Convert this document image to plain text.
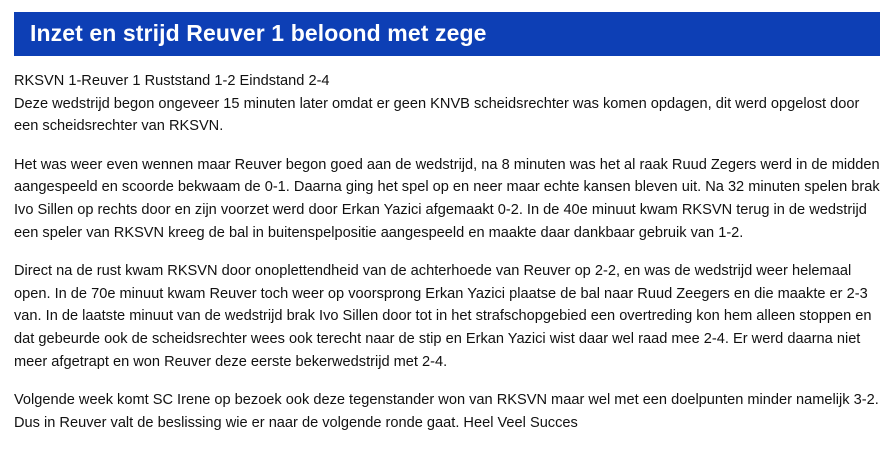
Inzet en strijd Reuver 1 beloond met zege

RKSVN 1-Reuver 1 Ruststand 1-2 Eindstand 2-4
Deze wedstrijd begon ongeveer 15 minuten later omdat er geen KNVB scheidsrechter was komen opdagen, dit werd opgelost door een scheidsrechter van RKSVN.

Het was weer even wennen maar Reuver begon goed aan de wedstrijd, na 8 minuten was het al raak Ruud Zegers werd in de midden aangespeeld en scoorde bekwaam de 0-1. Daarna ging het spel op en neer maar echte kansen bleven uit. Na 32 minuten spelen brak Ivo Sillen op rechts door en zijn voorzet werd door Erkan Yazici afgemaakt 0-2. In de 40e minuut kwam RKSVN terug in de wedstrijd een speler van RKSVN kreeg de bal in buitenspelpositie aangespeeld en maakte daar dankbaar gebruik van 1-2.

Direct na de rust kwam RKSVN door onoplettendheid van de achterhoede van Reuver op 2-2, en was de wedstrijd weer helemaal open. In de 70e minuut kwam Reuver toch weer op voorsprong Erkan Yazici plaatse de bal naar Ruud Zeegers en die maakte er 2-3 van. In de laatste minuut van de wedstrijd brak Ivo Sillen door tot in het strafschopgebied een overtreding kon hem alleen stoppen en dat gebeurde ook de scheidsrechter wees ook terecht naar de stip en Erkan Yazici wist daar wel raad mee 2-4. Er werd daarna niet meer afgetrapt en won Reuver deze eerste bekerwedstrijd met 2-4.

Volgende week komt SC Irene op bezoek ook deze tegenstander won van RKSVN maar wel met een doelpunten minder namelijk 3-2. Dus in Reuver valt de beslissing wie er naar de volgende ronde gaat. Heel Veel Succes
